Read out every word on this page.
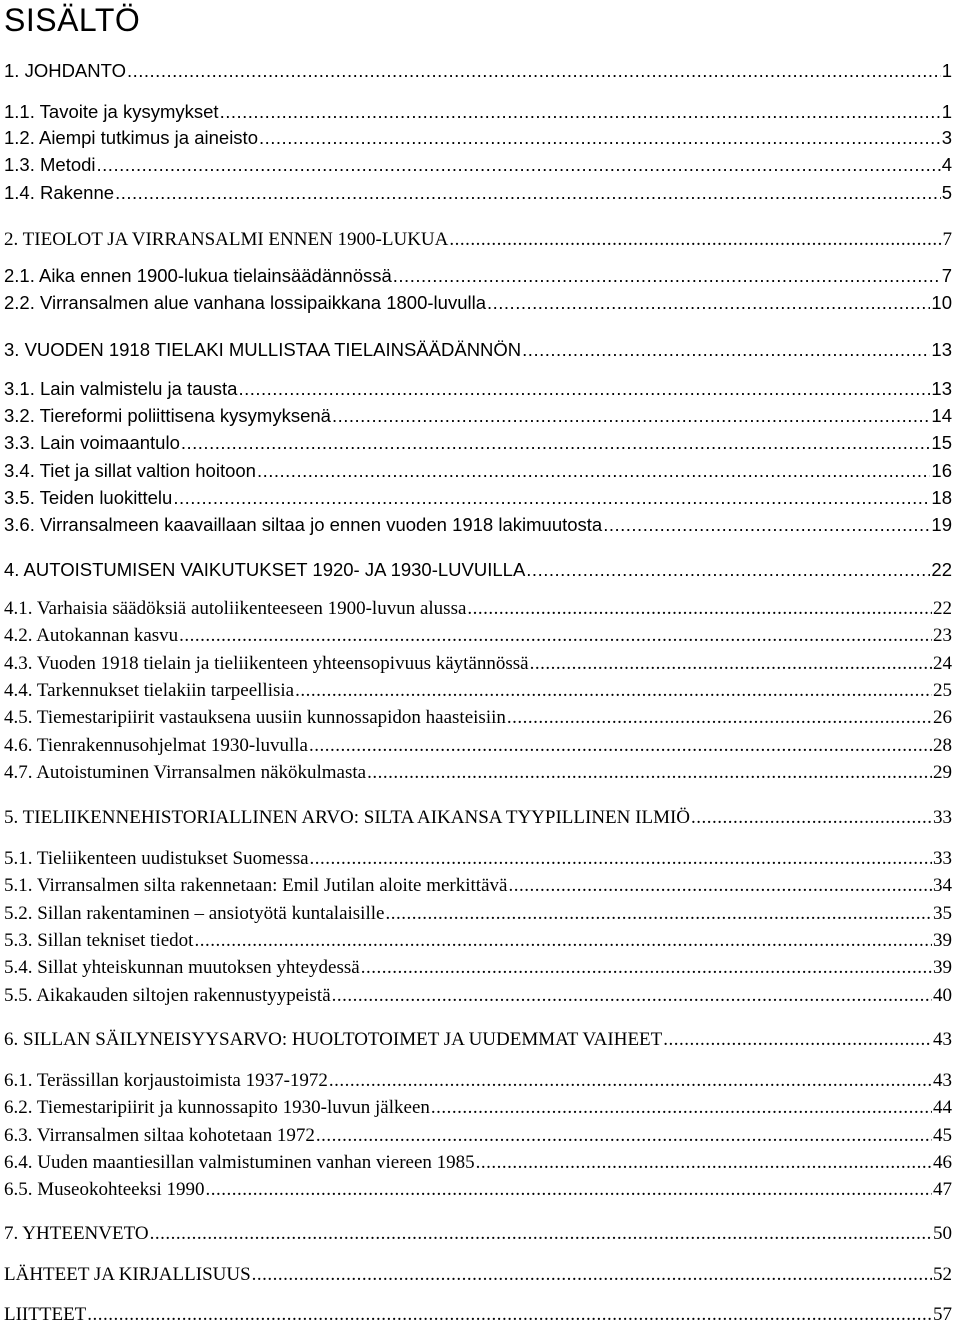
SISÄLTÖ
1. JOHDANTO .....	1
1.1. Tavoite ja kysymykset .....	1
1.2. Aiempi tutkimus ja aineisto .....	3
1.3. Metodi .....	4
1.4. Rakenne .....	5
2. TIEOLOT JA VIRRANSALMI ENNEN 1900-LUKUA .....	7
2.1. Aika ennen 1900-lukua tielainsäädännössä .....	7
2.2. Virransalmen alue vanhana lossipaikkana 1800-luvulla .....	10
3. VUODEN 1918 TIELAKI MULLISTAA TIELAINSÄÄDÄNNÖN .....	13
3.1. Lain valmistelu ja tausta .....	13
3.2. Tiereformi poliittisena kysymyksenä .....	14
3.3. Lain voimaantulo .....	15
3.4. Tiet ja sillat valtion hoitoon .....	16
3.5. Teiden luokittelu .....	18
3.6. Virransalmeen kaavaillaan siltaa jo ennen vuoden 1918 lakimuutosta .....	19
4. AUTOISTUMISEN VAIKUTUKSET 1920- JA 1930-LUVUILLA .....	22
4.1. Varhaisia säädöksiä autoliikenteeseen 1900-luvun alussa .....	22
4.2. Autokannan kasvu .....	23
4.3. Vuoden 1918 tielain ja tieliikenteen yhteensopivuus käytännössä .....	24
4.4. Tarkennukset tielakiin tarpeellisia .....	25
4.5. Tiemestaripiirit vastauksena uusiin kunnossapidon haasteisiin .....	26
4.6. Tienrakennusohjelmat 1930-luvulla .....	28
4.7. Autoistuminen Virransalmen näkökulmasta .....	29
5. TIELIIKENNEHISTORIALLINEN ARVO: SILTA AIKANSA TYYPILLINEN ILMIÖ .....	33
5.1. Tieliikenteen uudistukset Suomessa .....	33
5.1. Virransalmen silta rakennetaan: Emil Jutilan aloite merkittävä .....	34
5.2. Sillan rakentaminen – ansiotyötä kuntalaisille .....	35
5.3. Sillan tekniset tiedot .....	39
5.4. Sillat yhteiskunnan muutoksen yhteydessä .....	39
5.5. Aikakauden siltojen rakennustyypeistä .....	40
6. SILLAN SÄILYNEISYYSARVO: HUOLTOTOIMET JA UUDEMMAT VAIHEET .....	43
6.1. Terässillan korjaustoimista 1937-1972 .....	43
6.2. Tiemestaripiirit ja kunnossapito 1930-luvun jälkeen .....	44
6.3. Virransalmen siltaa kohotetaan 1972 .....	45
6.4. Uuden maantiesillan valmistuminen vanhan viereen 1985 .....	46
6.5. Museokohteeksi 1990 .....	47
7. YHTEENVETO .....	50
LÄHTEET JA KIRJALLISUUS .....	52
LIITTEET .....	57
